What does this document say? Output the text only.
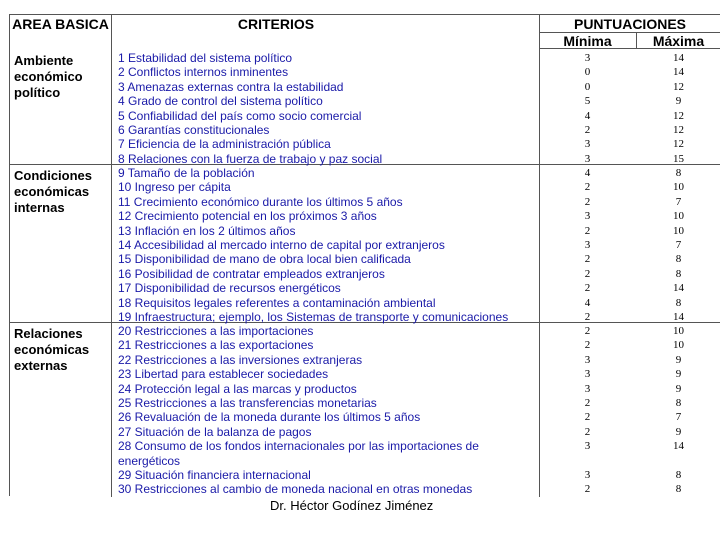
AREA BASICA	CRITERIOS	PUNTUACIONES
Mínima	Máxima
Ambiente económico político
1 Estabilidad del sistema político	3	14
2 Conflictos internos inminentes	0	14
3 Amenazas externas contra la estabilidad	0	12
4 Grado de control del sistema político	5	9
5 Confiabilidad del país como socio comercial	4	12
6 Garantías constitucionales	2	12
7 Eficiencia de la administración pública	3	12
8 Relaciones con la fuerza de trabajo y paz social	3	15
Condiciones económicas internas
9 Tamaño de la población	4	8
10 Ingreso per cápita	2	10
11 Crecimiento económico durante los últimos 5 años	2	7
12 Crecimiento potencial en los próximos 3 años	3	10
13 Inflación en los 2 últimos años	2	10
14 Accesibilidad al mercado interno de capital por extranjeros	3	7
15 Disponibilidad de mano de obra local bien calificada	2	8
16 Posibilidad de contratar empleados extranjeros	2	8
17 Disponibilidad de recursos energéticos	2	14
18 Requisitos legales referentes a contaminación ambiental	4	8
19 Infraestructura; ejemplo, los Sistemas de transporte y comunicaciones	2	14
Relaciones económicas externas
20 Restricciones a las importaciones	2	10
21 Restricciones a las exportaciones	2	10
22 Restricciones a las inversiones extranjeras	3	9
23 Libertad para establecer sociedades	3	9
24 Protección legal a las marcas y productos	3	9
25 Restricciones a las transferencias monetarias	2	8
26 Revaluación de la moneda durante los últimos 5 años	2	7
27 Situación de la balanza de pagos	2	9
28 Consumo de los fondos internacionales por las importaciones de energéticos
3	14
29 Situación financiera internacional	3	8
30 Restricciones al cambio de moneda nacional en otras monedas	2	8
Dr. Héctor Godínez Jiménez
